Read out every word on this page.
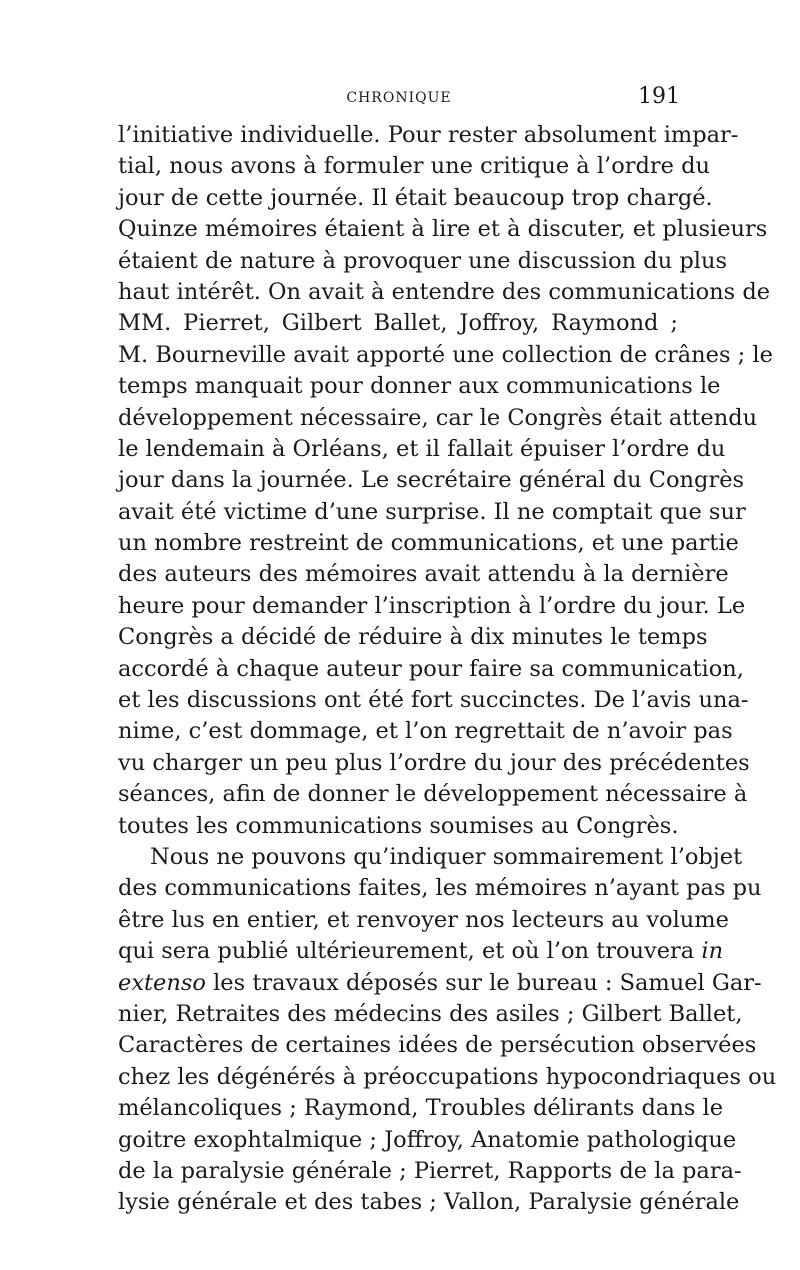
CHRONIQUE	191
l’initiative individuelle. Pour rester absolument impar-
tial, nous avons à formuler une critique à l’ordre du
jour de cette journée. Il était beaucoup trop chargé.
Quinze mémoires étaient à lire et à discuter, et plusieurs
étaient de nature à provoquer une discussion du plus
haut intérêt. On avait à entendre des communications de
MM. Pierret, Gilbert Ballet, Joffroy, Raymond ;
M. Bourneville avait apporté une collection de crânes ; le
temps manquait pour donner aux communications le
développement nécessaire, car le Congrès était attendu
le lendemain à Orléans, et il fallait épuiser l’ordre du
jour dans la journée. Le secrétaire général du Congrès
avait été victime d’une surprise. Il ne comptait que sur
un nombre restreint de communications, et une partie
des auteurs des mémoires avait attendu à la dernière
heure pour demander l’inscription à l’ordre du jour. Le
Congrès a décidé de réduire à dix minutes le temps
accordé à chaque auteur pour faire sa communication,
et les discussions ont été fort succinctes. De l’avis una-
nime, c’est dommage, et l’on regrettait de n’avoir pas
vu charger un peu plus l’ordre du jour des précédentes
séances, afin de donner le développement nécessaire à
toutes les communications soumises au Congrès.
Nous ne pouvons qu’indiquer sommairement l’objet
des communications faites, les mémoires n’ayant pas pu
être lus en entier, et renvoyer nos lecteurs au volume
qui sera publié ultérieurement, et où l’on trouvera in
extenso les travaux déposés sur le bureau : Samuel Gar-
nier, Retraites des médecins des asiles ; Gilbert Ballet,
Caractères de certaines idées de persécution observées
chez les dégénérés à préoccupations hypocondriaques ou
mélancoliques ; Raymond, Troubles délirants dans le
goitre exophtalmique ; Joffroy, Anatomie pathologique
de la paralysie générale ; Pierret, Rapports de la para-
lysie générale et des tabes ; Vallon, Paralysie générale
